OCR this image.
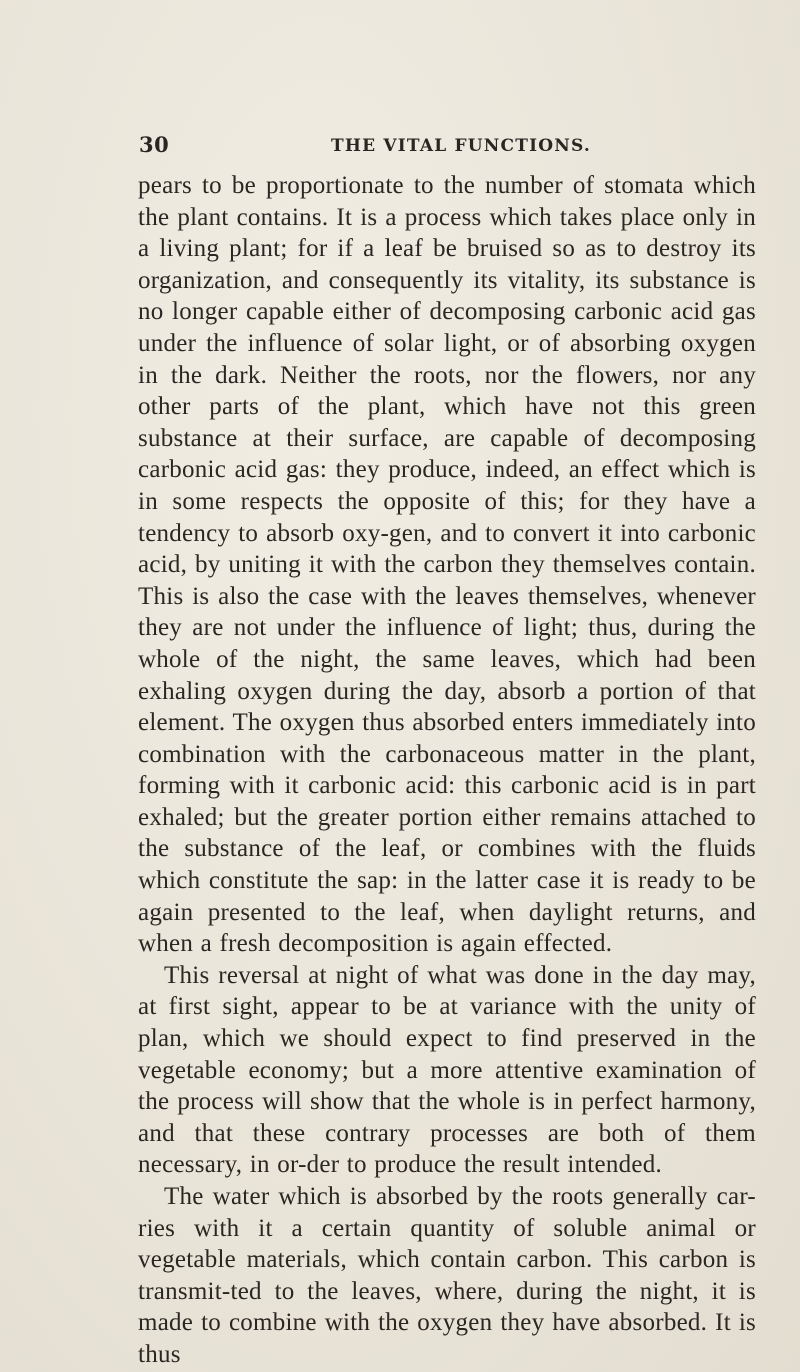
30	THE VITAL FUNCTIONS.

pears to be proportionate to the number of stomata which the plant contains. It is a process which takes place only in a living plant; for if a leaf be bruised so as to destroy its organization, and consequently its vitality, its substance is no longer capable either of decomposing carbonic acid gas under the influence of solar light, or of absorbing oxygen in the dark. Neither the roots, nor the flowers, nor any other parts of the plant, which have not this green substance at their surface, are capable of decomposing carbonic acid gas: they produce, indeed, an effect which is in some respects the opposite of this; for they have a tendency to absorb oxy-gen, and to convert it into carbonic acid, by uniting it with the carbon they themselves contain. This is also the case with the leaves themselves, whenever they are not under the influence of light; thus, during the whole of the night, the same leaves, which had been exhaling oxygen during the day, absorb a portion of that element. The oxygen thus absorbed enters immediately into combination with the carbonaceous matter in the plant, forming with it carbonic acid: this carbonic acid is in part exhaled; but the greater portion either remains attached to the substance of the leaf, or combines with the fluids which constitute the sap: in the latter case it is ready to be again presented to the leaf, when daylight returns, and when a fresh decomposition is again effected.

This reversal at night of what was done in the day may, at first sight, appear to be at variance with the unity of plan, which we should expect to find preserved in the vegetable economy; but a more attentive examination of the process will show that the whole is in perfect harmony, and that these contrary processes are both of them necessary, in or-der to produce the result intended.

The water which is absorbed by the roots generally car-ries with it a certain quantity of soluble animal or vegetable materials, which contain carbon. This carbon is transmit-ted to the leaves, where, during the night, it is made to combine with the oxygen they have absorbed. It is thus
